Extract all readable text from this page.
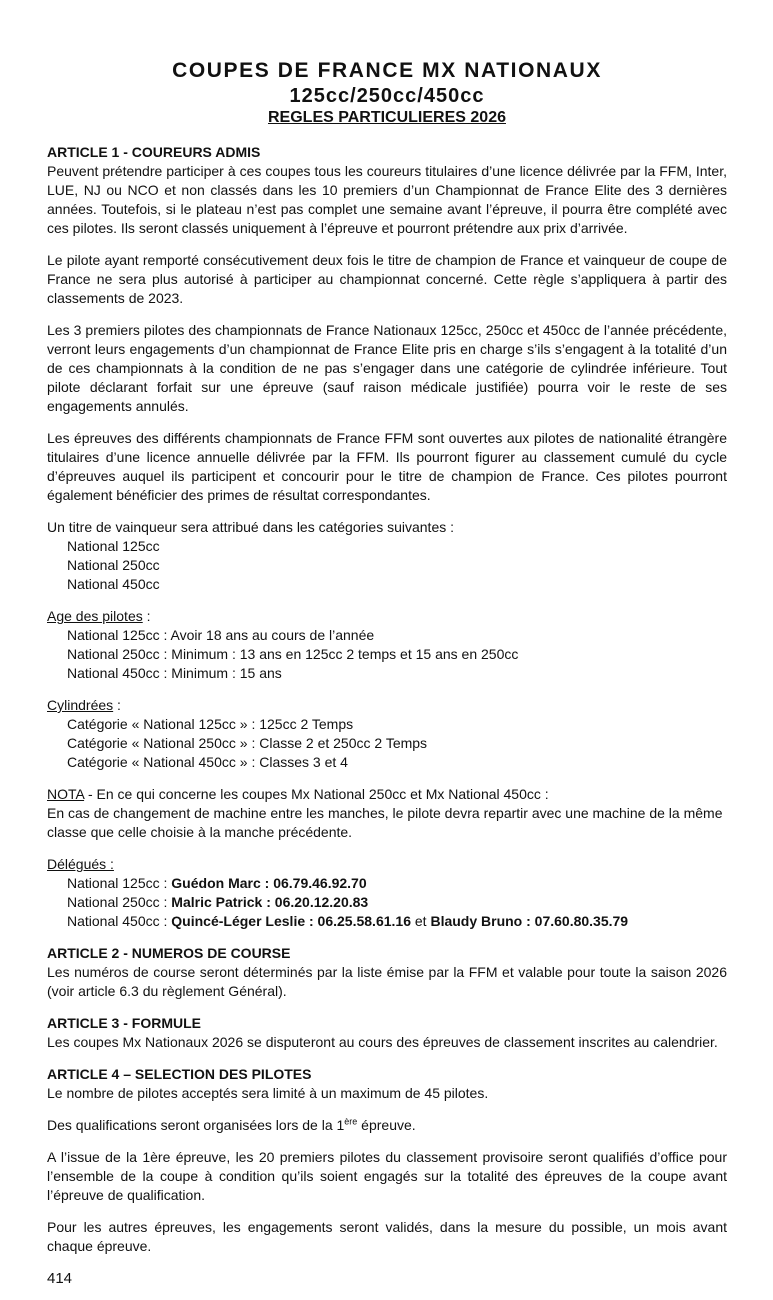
COUPES DE FRANCE MX NATIONAUX
125cc/250cc/450cc
REGLES PARTICULIERES 2026
ARTICLE 1 - COUREURS ADMIS

Peuvent prétendre participer à ces coupes tous les coureurs titulaires d’une licence délivrée par la FFM, Inter, LUE, NJ ou NCO et non classés dans les 10 premiers d’un Championnat de France Elite des 3 dernières années. Toutefois, si le plateau n’est pas complet une semaine avant l’épreuve, il pourra être complété avec ces pilotes. Ils seront classés uniquement à l’épreuve et pourront prétendre aux prix d’arrivée.

Le pilote ayant remporté consécutivement deux fois le titre de champion de France et vainqueur de coupe de France ne sera plus autorisé à participer au championnat concerné. Cette règle s’appliquera à partir des classements de 2023.

Les 3 premiers pilotes des championnats de France Nationaux 125cc, 250cc et 450cc de l’année précédente, verront leurs engagements d’un championnat de France Elite pris en charge s’ils s’engagent à la totalité d’un de ces championnats à la condition de ne pas s’engager dans une catégorie de cylindrée inférieure. Tout pilote déclarant forfait sur une épreuve (sauf raison médicale justifiée) pourra voir le reste de ses engagements annulés.

Les épreuves des différents championnats de France FFM sont ouvertes aux pilotes de nationalité étrangère titulaires d’une licence annuelle délivrée par la FFM. Ils pourront figurer au classement cumulé du cycle d’épreuves auquel ils participent et concourir pour le titre de champion de France. Ces pilotes pourront également bénéficier des primes de résultat correspondantes.

Un titre de vainqueur sera attribué dans les catégories suivantes :
National 125cc
National 250cc
National 450cc
Age des pilotes :
National 125cc : Avoir 18 ans au cours de l’année
National 250cc : Minimum : 13 ans en 125cc 2 temps et 15 ans en 250cc
National 450cc : Minimum : 15 ans
Cylindrées :
Catégorie « National 125cc » : 125cc 2 Temps
Catégorie « National 250cc » : Classe 2 et 250cc 2 Temps
Catégorie « National 450cc » : Classes 3 et 4
NOTA - En ce qui concerne les coupes Mx National 250cc et Mx National 450cc :
En cas de changement de machine entre les manches, le pilote devra repartir avec une machine de la même classe que celle choisie à la manche précédente.
Délégués :
National 125cc : Guédon Marc : 06.79.46.92.70
National 250cc : Malric Patrick : 06.20.12.20.83
National 450cc : Quincé-Léger Leslie : 06.25.58.61.16 et Blaudy Bruno : 07.60.80.35.79
ARTICLE 2 - NUMEROS DE COURSE

Les numéros de course seront déterminés par la liste émise par la FFM et valable pour toute la saison 2026 (voir article 6.3 du règlement Général).

ARTICLE 3 - FORMULE

Les coupes Mx Nationaux 2026 se disputeront au cours des épreuves de classement inscrites au calendrier.

ARTICLE 4 – SELECTION DES PILOTES

Le nombre de pilotes acceptés sera limité à un maximum de 45 pilotes.

Des qualifications seront organisées lors de la 1ère épreuve.

A l’issue de la 1ère épreuve, les 20 premiers pilotes du classement provisoire seront qualifiés d’office pour l’ensemble de la coupe à condition qu’ils soient engagés sur la totalité des épreuves de la coupe avant l’épreuve de qualification.

Pour les autres épreuves, les engagements seront validés, dans la mesure du possible, un mois avant chaque épreuve.

414
